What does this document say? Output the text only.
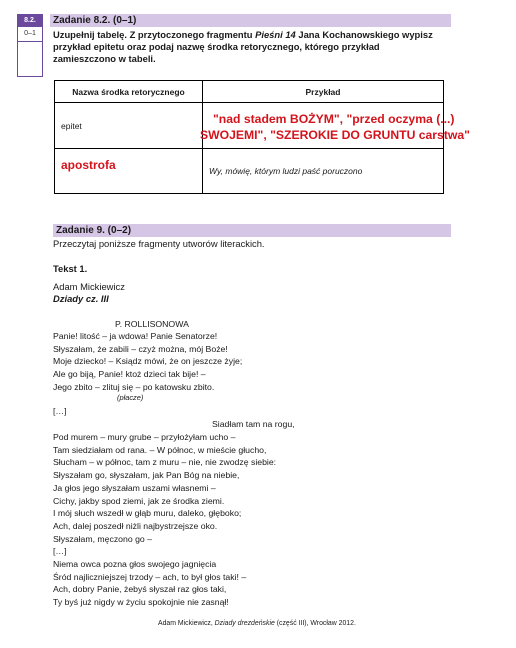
8.2.
0–1
Zadanie 8.2. (0–1)
Uzupełnij tabelę. Z przytoczonego fragmentu Pieśni 14 Jana Kochanowskiego wypisz
przykład epitetu oraz podaj nazwę środka retorycznego, którego przykład
zamieszczono w tabeli.
Nazwa środka retorycznego	Przykład
epitet	"nad stadem BOŻYM", "przed oczyma (...)
SWOJEMI", "SZEROKIE DO GRUNTU carstwa"

apostrofa	Wy, mówię, którym ludzi paść poruczono
Zadanie 9. (0–2)
Przeczytaj poniższe fragmenty utworów literackich.
Tekst 1.
Adam Mickiewicz
Dziady cz. III
P. ROLLISONOWA
Panie! litość – ja wdowa! Panie Senatorze!
Słyszałam, że zabili – czyż można, mój Boże!
Moje dziecko! – Ksiądz mówi, że on jeszcze żyje;
Ale go biją, Panie! ktoż dzieci tak bije! –
Jego zbito – zlituj się – po katowsku zbito.
(płacze)
[…]
Siadłam tam na rogu,
Pod murem – mury grube – przyłożyłam ucho –
Tam siedziałam od rana. – W północ, w mieście głucho,
Słucham – w północ, tam z muru – nie, nie zwodzę siebie:
Słyszałam go, słyszałam, jak Pan Bóg na niebie,
Ja głos jego słyszałam uszami własnemi –
Cichy, jakby spod ziemi, jak ze środka ziemi.
I mój słuch wszedł w głąb muru, daleko, głęboko;
Ach, dalej poszedł niżli najbystrzejsze oko.
Słyszałam, męczono go –
[…]
Niema owca pozna głos swojego jagnięcia
Śród najliczniejszej trzody – ach, to był głos taki! –
Ach, dobry Panie, żebyś słyszał raz głos taki,
Ty byś już nigdy w życiu spokojnie nie zasnął!
Adam Mickiewicz, Dziady drezdeńskie (część III), Wrocław 2012.
